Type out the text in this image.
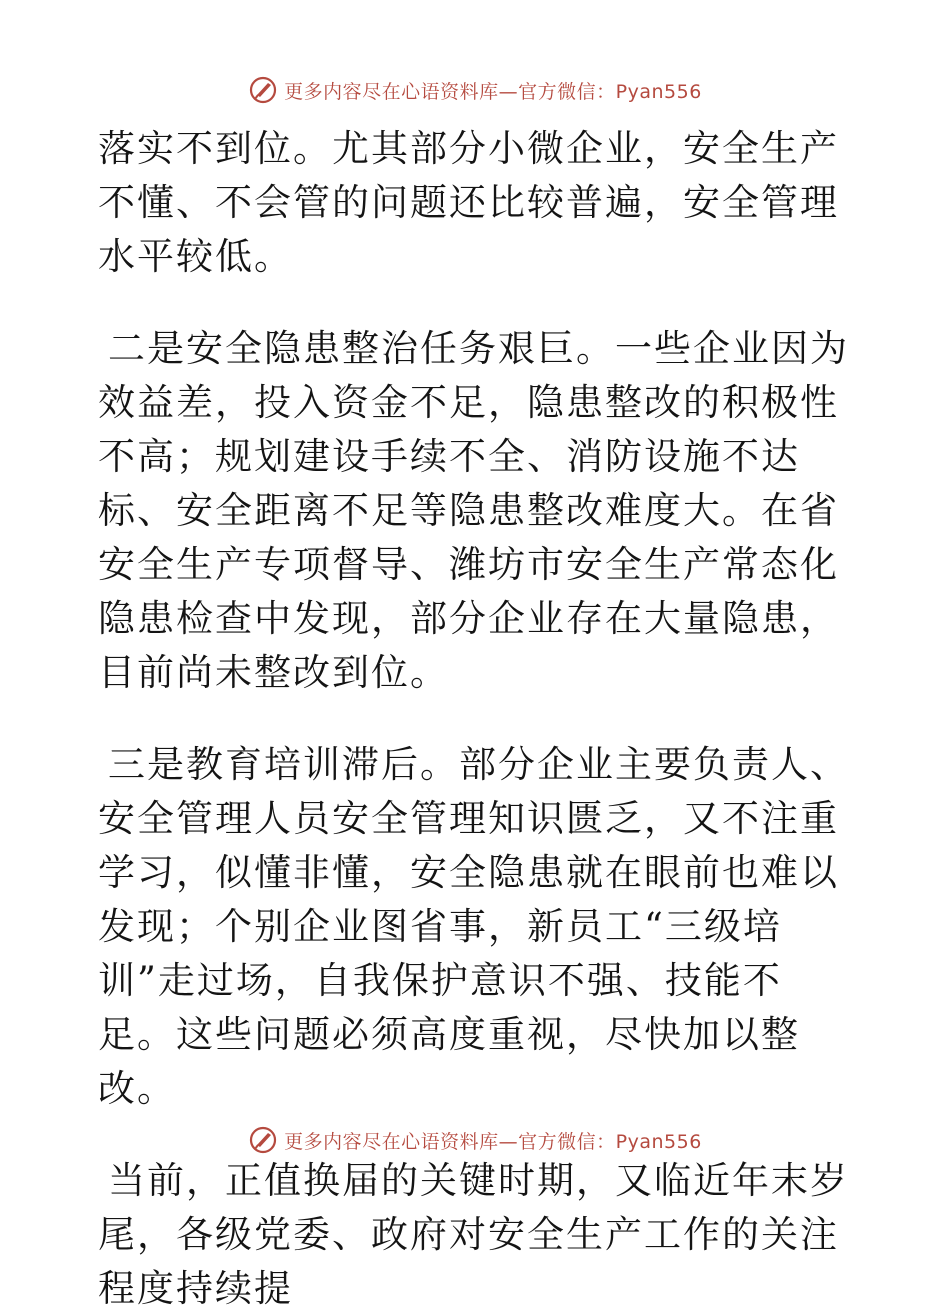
更多内容尽在心语资料库—官方微信：Pyan556

落实不到位。尤其部分小微企业，安全生产不懂、不会管的问题还比较普遍，安全管理水平较低。

二是安全隐患整治任务艰巨。一些企业因为效益差，投入资金不足，隐患整改的积极性不高；规划建设手续不全、消防设施不达标、安全距离不足等隐患整改难度大。在省安全生产专项督导、潍坊市安全生产常态化隐患检查中发现，部分企业存在大量隐患，目前尚未整改到位。

三是教育培训滞后。部分企业主要负责人、安全管理人员安全管理知识匮乏，又不注重学习，似懂非懂，安全隐患就在眼前也难以发现；个别企业图省事，新员工“三级培训”走过场，自我保护意识不强、技能不足。这些问题必须高度重视，尽快加以整改。

当前，正值换届的关键时期，又临近年末岁尾，各级党委、政府对安全生产工作的关注程度持续提

更多内容尽在心语资料库—官方微信：Pyan556
